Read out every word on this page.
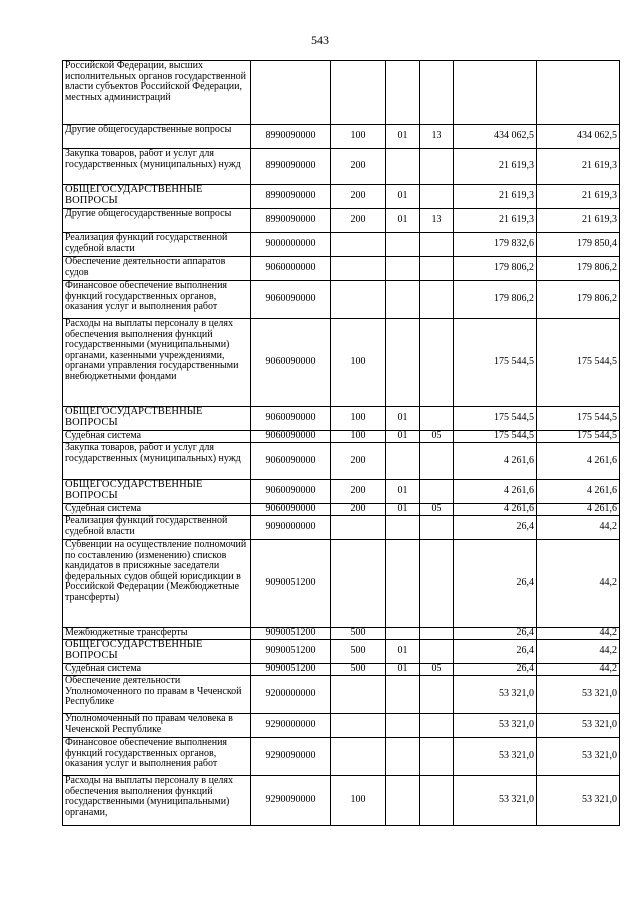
543
Российской Федерации, высших исполнительных органов государственной власти субъектов Российской Федерации, местных администраций						
Другие общегосударственные вопросы	8990090000	100	01	13	434 062,5	434 062,5
Закупка товаров, работ и услуг для государственных (муниципальных) нужд	8990090000	200			21 619,3	21 619,3
ОБЩЕГОСУДАРСТВЕННЫЕ ВОПРОСЫ	8990090000	200	01		21 619,3	21 619,3
Другие общегосударственные вопросы	8990090000	200	01	13	21 619,3	21 619,3
Реализация функций государственной судебной власти	9000000000				179 832,6	179 850,4
Обеспечение деятельности аппаратов судов	9060000000				179 806,2	179 806,2
Финансовое обеспечение выполнения функций государственных органов, оказания услуг и выполнения работ	9060090000				179 806,2	179 806,2
Расходы на выплаты персоналу в целях обеспечения выполнения функций государственными (муниципальными) органами, казенными учреждениями, органами управления государственными внебюджетными фондами	9060090000	100			175 544,5	175 544,5
ОБЩЕГОСУДАРСТВЕННЫЕ ВОПРОСЫ	9060090000	100	01		175 544,5	175 544,5
Судебная система	9060090000	100	01	05	175 544,5	175 544,5
Закупка товаров, работ и услуг для государственных (муниципальных) нужд	9060090000	200			4 261,6	4 261,6
ОБЩЕГОСУДАРСТВЕННЫЕ ВОПРОСЫ	9060090000	200	01		4 261,6	4 261,6
Судебная система	9060090000	200	01	05	4 261,6	4 261,6
Реализация функций государственной судебной власти	9090000000				26,4	44,2
Субвенции на осуществление полномочий по составлению (изменению) списков кандидатов в присяжные заседатели федеральных судов общей юрисдикции в Российской Федерации (Межбюджетные трансферты)	9090051200				26,4	44,2
Межбюджетные трансферты	9090051200	500			26,4	44,2
ОБЩЕГОСУДАРСТВЕННЫЕ ВОПРОСЫ	9090051200	500	01		26,4	44,2
Судебная система	9090051200	500	01	05	26,4	44,2
Обеспечение деятельности Уполномоченного по правам в Чеченской Республике	9200000000				53 321,0	53 321,0
Уполномоченный по правам человека в Чеченской Республике	9290000000				53 321,0	53 321,0
Финансовое обеспечение выполнения функций государственных органов, оказания услуг и выполнения работ	9290090000				53 321,0	53 321,0
Расходы на выплаты персоналу в целях обеспечения выполнения функций государственными (муниципальными) органами,	9290090000	100			53 321,0	53 321,0
